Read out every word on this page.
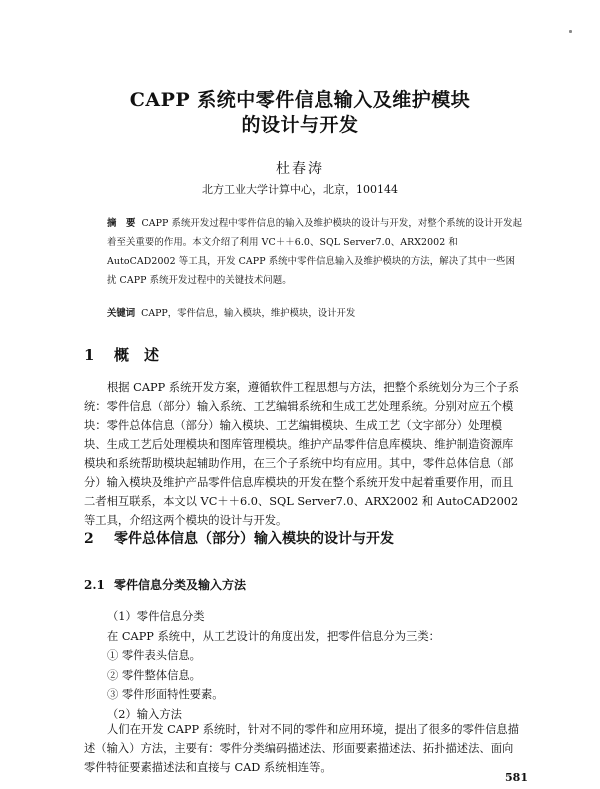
CAPP 系统中零件信息输入及维护模块
的设计与开发
杜春涛
北方工业大学计算中心，北京，100144
摘　要 CAPP 系统开发过程中零件信息的输入及维护模块的设计与开发，对整个系统的设计开发起着至关重要的作用。本文介绍了利用 VC＋＋6.0、SQL Server7.0、ARX2002 和 AutoCAD2002 等工具，开发 CAPP 系统中零件信息输入及维护模块的方法，解决了其中一些困扰 CAPP 系统开发过程中的关键技术问题。
关键词 CAPP，零件信息，输入模块，维护模块，设计开发
1 概　述

根据 CAPP 系统开发方案，遵循软件工程思想与方法，把整个系统划分为三个子系统：零件信息（部分）输入系统、工艺编辑系统和生成工艺处理系统。分别对应五个模块：零件总体信息（部分）输入模块、工艺编辑模块、生成工艺（文字部分）处理模块、生成工艺后处理模块和图库管理模块。维护产品零件信息库模块、维护制造资源库模块和系统帮助模块起辅助作用，在三个子系统中均有应用。其中，零件总体信息（部分）输入模块及维护产品零件信息库模块的开发在整个系统开发中起着重要作用，而且二者相互联系，本文以 VC＋＋6.0、SQL Server7.0、ARX2002 和 AutoCAD2002 等工具，介绍这两个模块的设计与开发。

2 零件总体信息（部分）输入模块的设计与开发
2.1 零件信息分类及输入方法
（1）零件信息分类
在 CAPP 系统中，从工艺设计的角度出发，把零件信息分为三类：
① 零件表头信息。
② 零件整体信息。
③ 零件形面特性要素。
（2）输入方法

人们在开发 CAPP 系统时，针对不同的零件和应用环境，提出了很多的零件信息描述（输入）方法，主要有：零件分类编码描述法、形面要素描述法、拓扑描述法、面向零件特征要素描述法和直接与 CAD 系统相连等。

581
